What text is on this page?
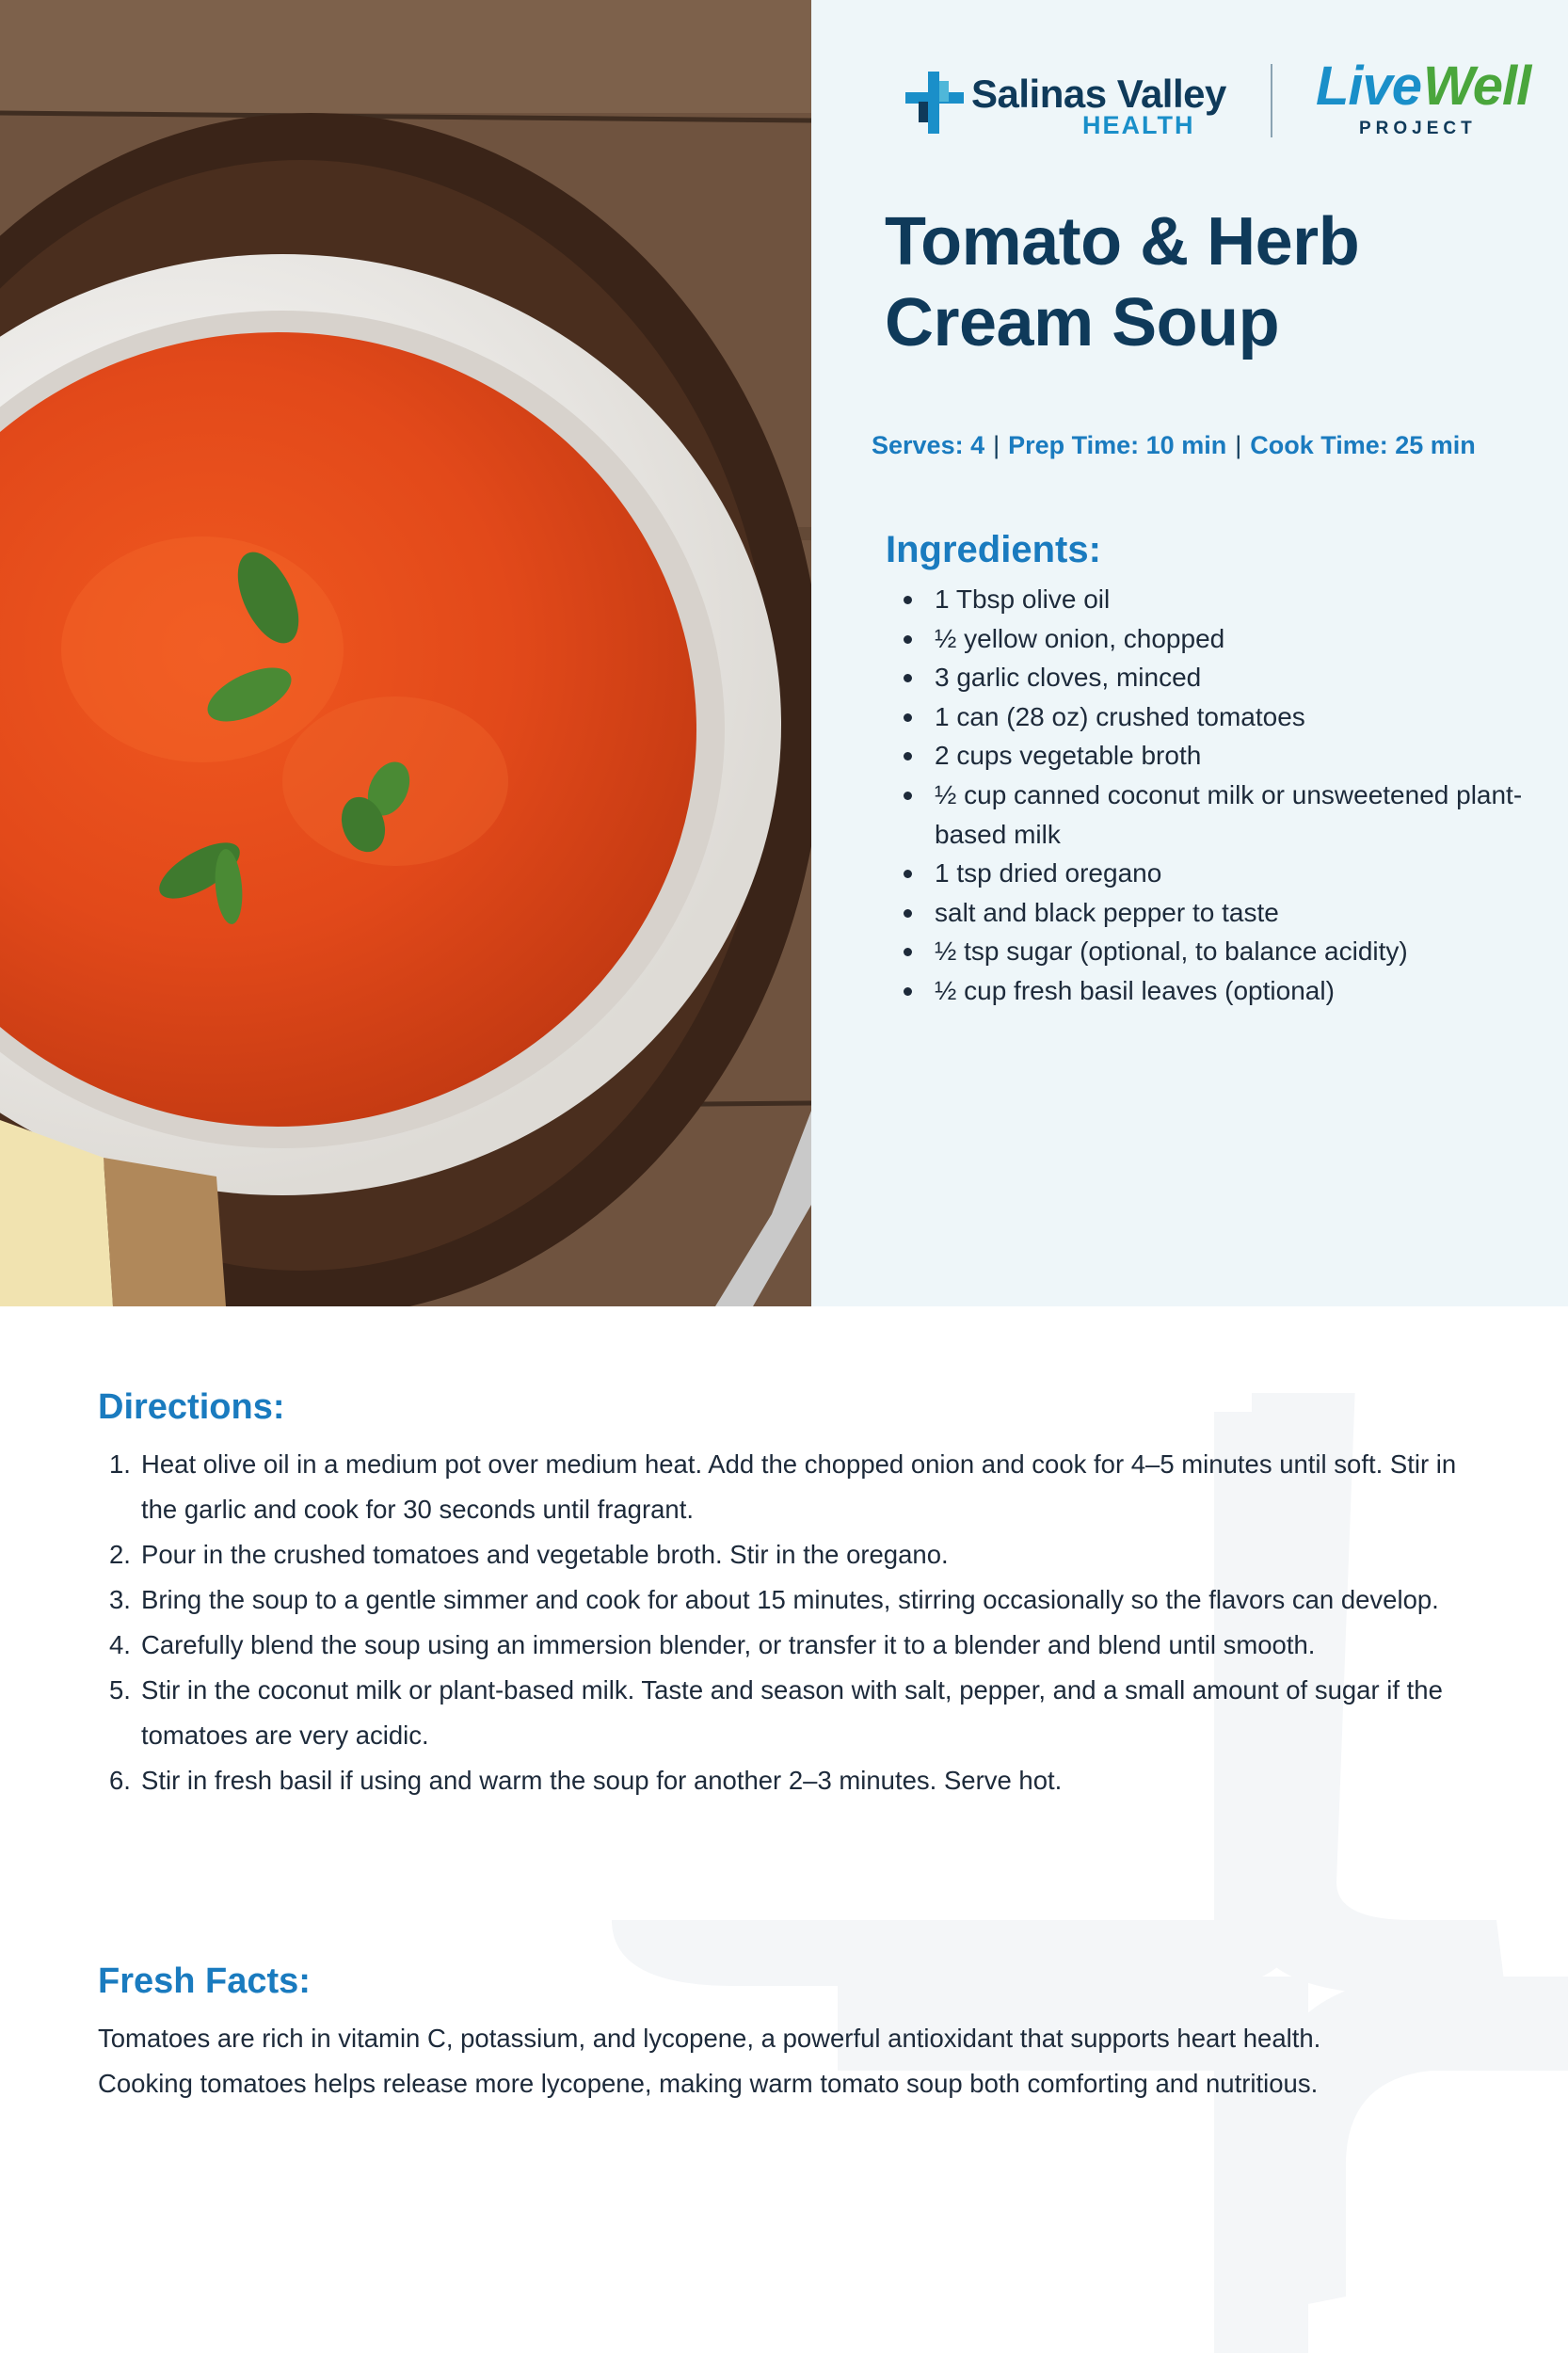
Salinas Valley
HEALTH
Live Well
PROJECT
Tomato & Herb
Cream Soup
Serves: 4 | Prep Time: 10 min | Cook Time: 25 min
Ingredients:
1 Tbsp olive oil
½ yellow onion, chopped
3 garlic cloves, minced
1 can (28 oz) crushed tomatoes
2 cups vegetable broth
½ cup canned coconut milk or unsweetened plant-based milk
1 tsp dried oregano
salt and black pepper to taste
½ tsp sugar (optional, to balance acidity)
½ cup fresh basil leaves (optional)
Directions:
1. Heat olive oil in a medium pot over medium heat. Add the chopped onion and cook for 4–5 minutes until soft. Stir in the garlic and cook for 30 seconds until fragrant.
2. Pour in the crushed tomatoes and vegetable broth. Stir in the oregano.
3. Bring the soup to a gentle simmer and cook for about 15 minutes, stirring occasionally so the flavors can develop.
4. Carefully blend the soup using an immersion blender, or transfer it to a blender and blend until smooth.
5. Stir in the coconut milk or plant-based milk. Taste and season with salt, pepper, and a small amount of sugar if the tomatoes are very acidic.
6. Stir in fresh basil if using and warm the soup for another 2–3 minutes. Serve hot.
Fresh Facts:

Tomatoes are rich in vitamin C, potassium, and lycopene, a powerful antioxidant that supports heart health.
Cooking tomatoes helps release more lycopene, making warm tomato soup both comforting and nutritious.
